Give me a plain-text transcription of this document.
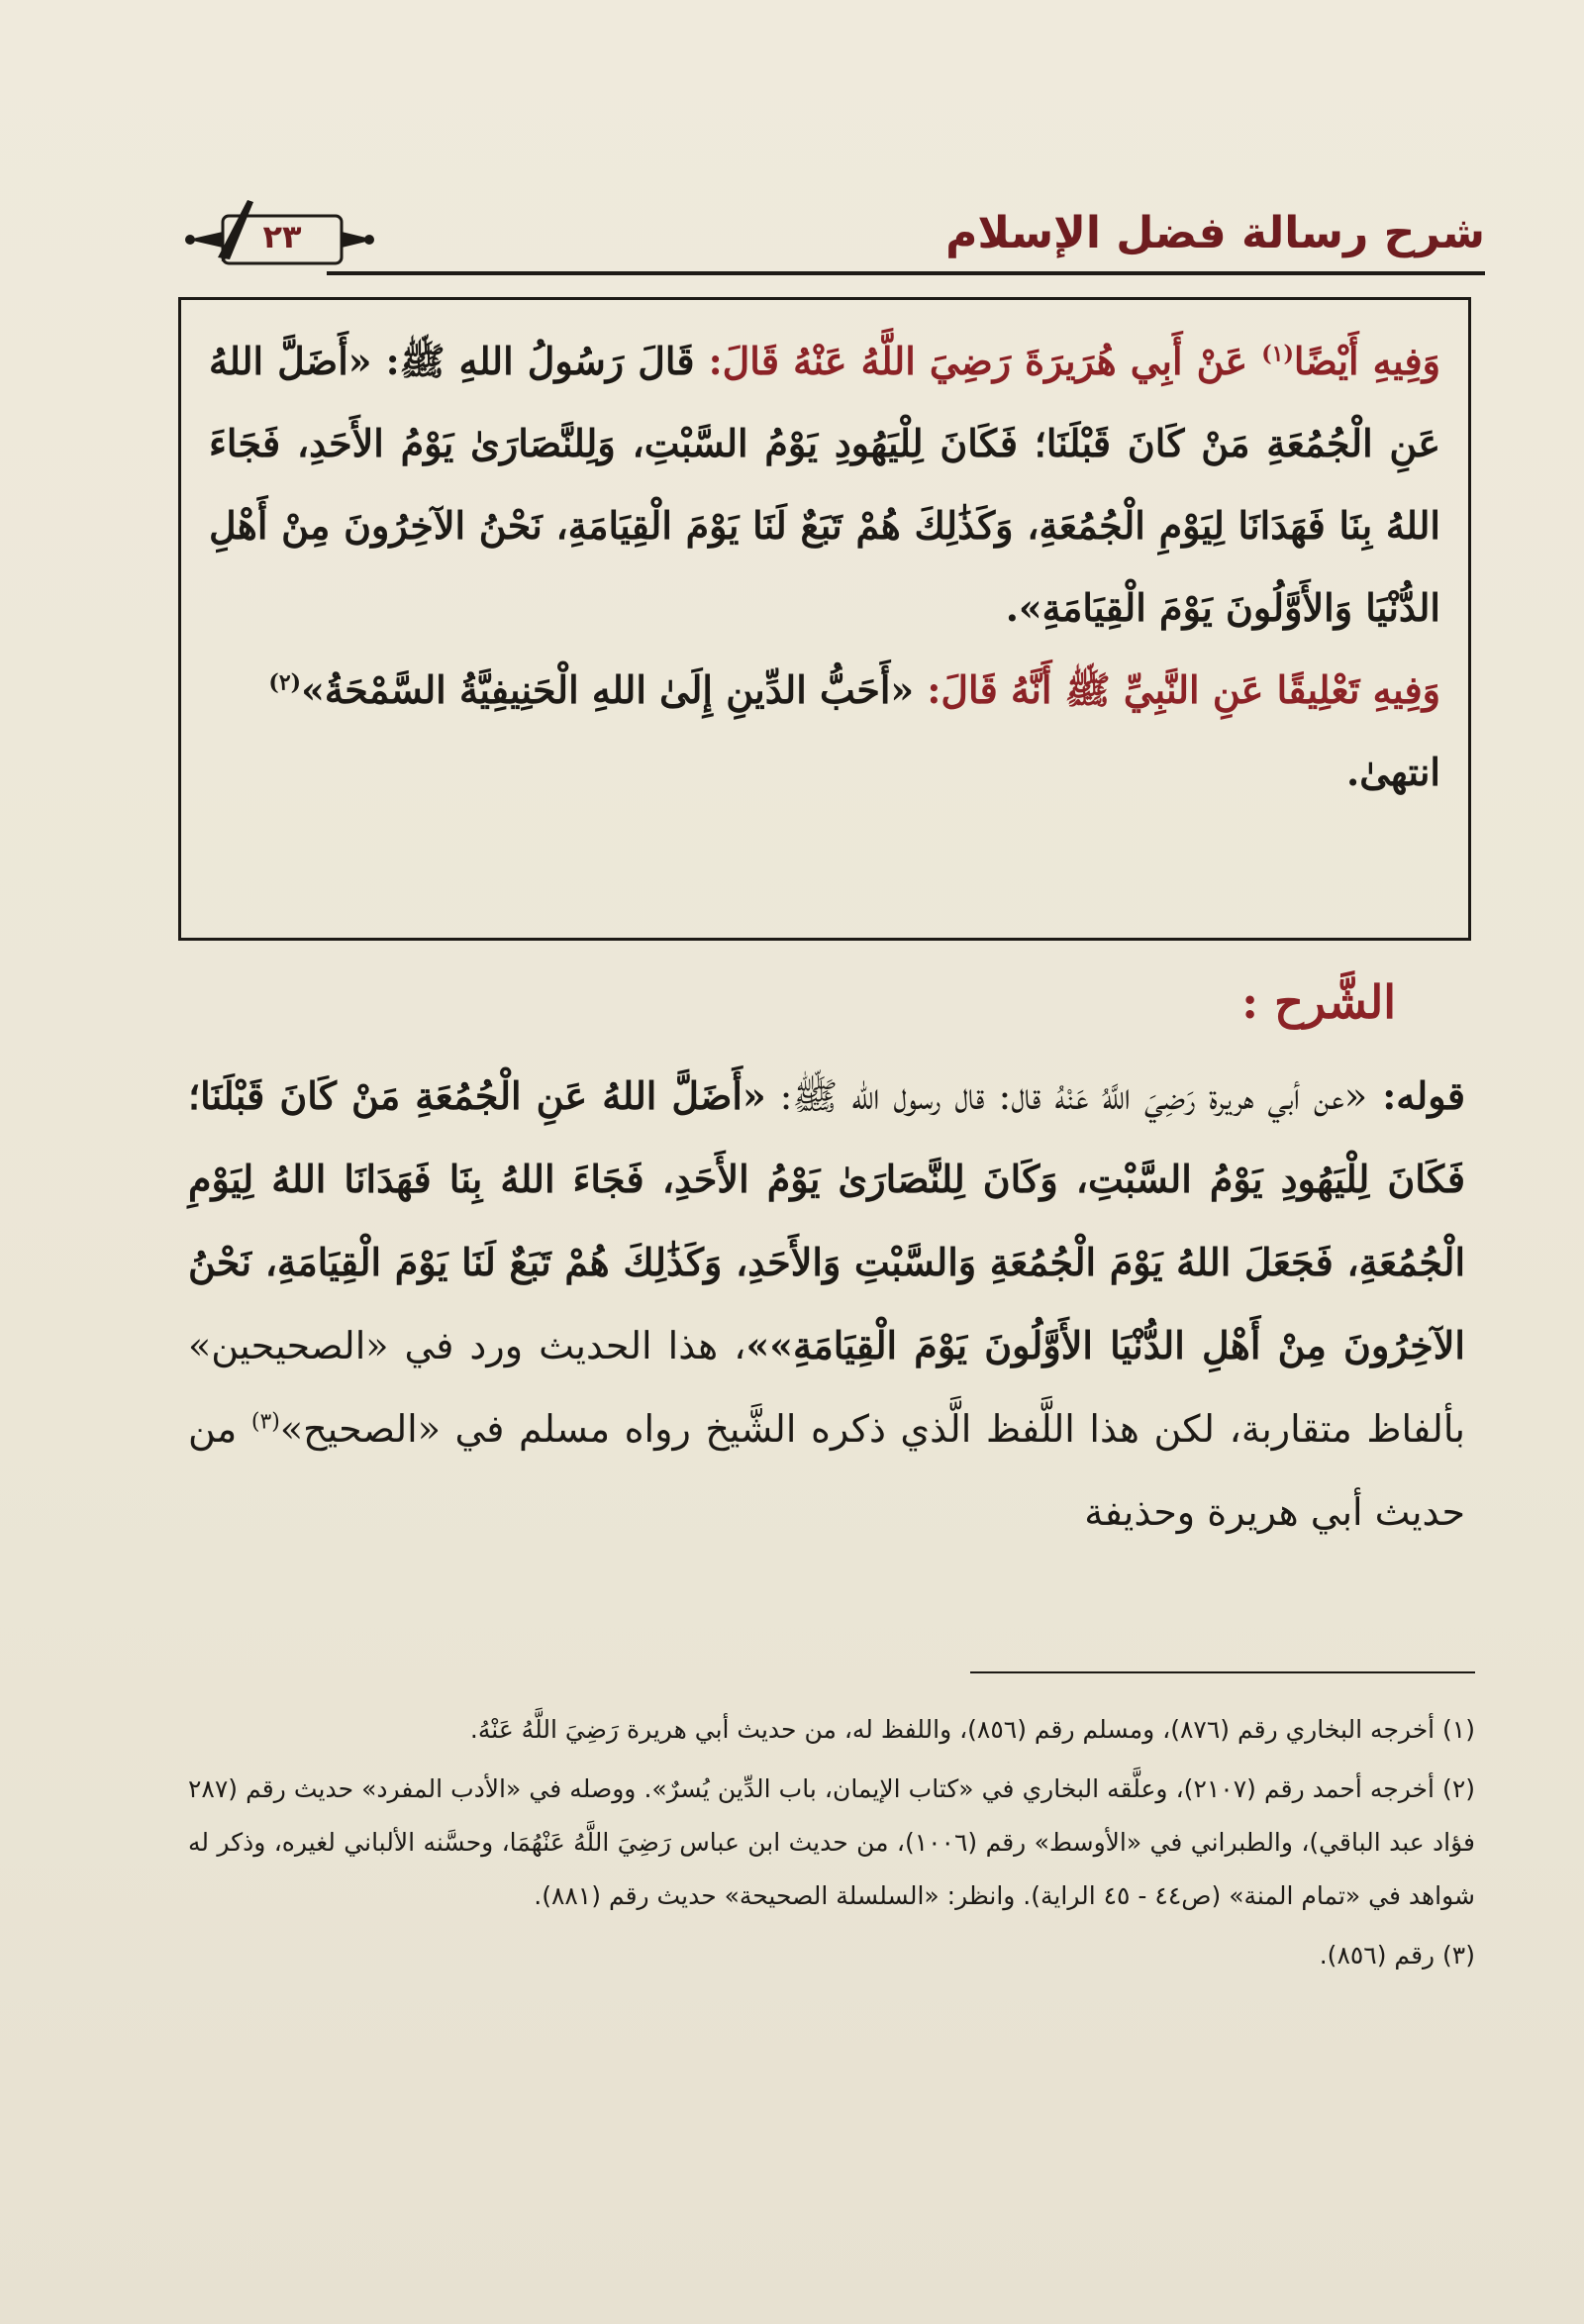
٢٣	شرح رسالة فضل الإسلام
وَفِيهِ أَيْضًا$^{(١)}$ عَنْ أَبِي هُرَيرَةَ رَضِيَ اللَّهُ عَنْهُ قَالَ: قَالَ رَسُولُ اللهِ ﷺ: «أَضَلَّ اللهُ عَنِ الْجُمُعَةِ مَنْ كَانَ قَبْلَنَا؛ فَكَانَ لِلْيَهُودِ يَوْمُ السَّبْتِ، وَلِلنَّصَارَىٰ يَوْمُ الأَحَدِ، فَجَاءَ اللهُ بِنَا فَهَدَانَا لِيَوْمِ الْجُمُعَةِ، وَكَذَٰلِكَ هُمْ تَبَعٌ لَنَا يَوْمَ الْقِيَامَةِ، نَحْنُ الآخِرُونَ مِنْ أَهْلِ الدُّنْيَا وَالأَوَّلُونَ يَوْمَ الْقِيَامَةِ».
وَفِيهِ تَعْلِيقًا عَنِ النَّبِيِّ ﷺ أَنَّهُ قَالَ: «أَحَبُّ الدِّينِ إِلَىٰ اللهِ الْحَنِيفِيَّةُ السَّمْحَةُ»$^{(٢)}$
انتهىٰ.
الشَّرح :
قوله: «عن أبي هريرة رَضِيَ اللَّهُ عَنْهُ قال: قال رسول الله ﷺ: «أَضَلَّ اللهُ عَنِ الْجُمُعَةِ مَنْ كَانَ قَبْلَنَا؛ فَكَانَ لِلْيَهُودِ يَوْمُ السَّبْتِ، وَكَانَ لِلنَّصَارَىٰ يَوْمُ الأَحَدِ، فَجَاءَ اللهُ بِنَا فَهَدَانَا اللهُ لِيَوْمِ الْجُمُعَةِ، فَجَعَلَ اللهُ يَوْمَ الْجُمُعَةِ وَالسَّبْتِ وَالأَحَدِ، وَكَذَٰلِكَ هُمْ تَبَعٌ لَنَا يَوْمَ الْقِيَامَةِ، نَحْنُ الآخِرُونَ مِنْ أَهْلِ الدُّنْيَا الأَوَّلُونَ يَوْمَ الْقِيَامَةِ»»، هذا الحديث ورد في «الصحيحين» بألفاظ متقاربة، لكن هذا اللَّفظ الَّذي ذكره الشَّيخ رواه مسلم في «الصحيح»$^{(٣)}$ من حديث أبي هريرة وحذيفة

(١) أخرجه البخاري رقم (٨٧٦)، ومسلم رقم (٨٥٦)، واللفظ له، من حديث أبي هريرة رَضِيَ اللَّهُ عَنْهُ.

(٢) أخرجه أحمد رقم (٢١٠٧)، وعلَّقه البخاري في «كتاب الإيمان، باب الدِّين يُسرٌ». ووصله في «الأدب المفرد» حديث رقم (٢٨٧ فؤاد عبد الباقي)، والطبراني في «الأوسط» رقم (١٠٠٦)، من حديث ابن عباس رَضِيَ اللَّهُ عَنْهُمَا، وحسَّنه الألباني لغيره، وذكر له شواهد في «تمام المنة» (ص٤٤ - ٤٥ الراية). وانظر: «السلسلة الصحيحة» حديث رقم (٨٨١).

(٣) رقم (٨٥٦).
